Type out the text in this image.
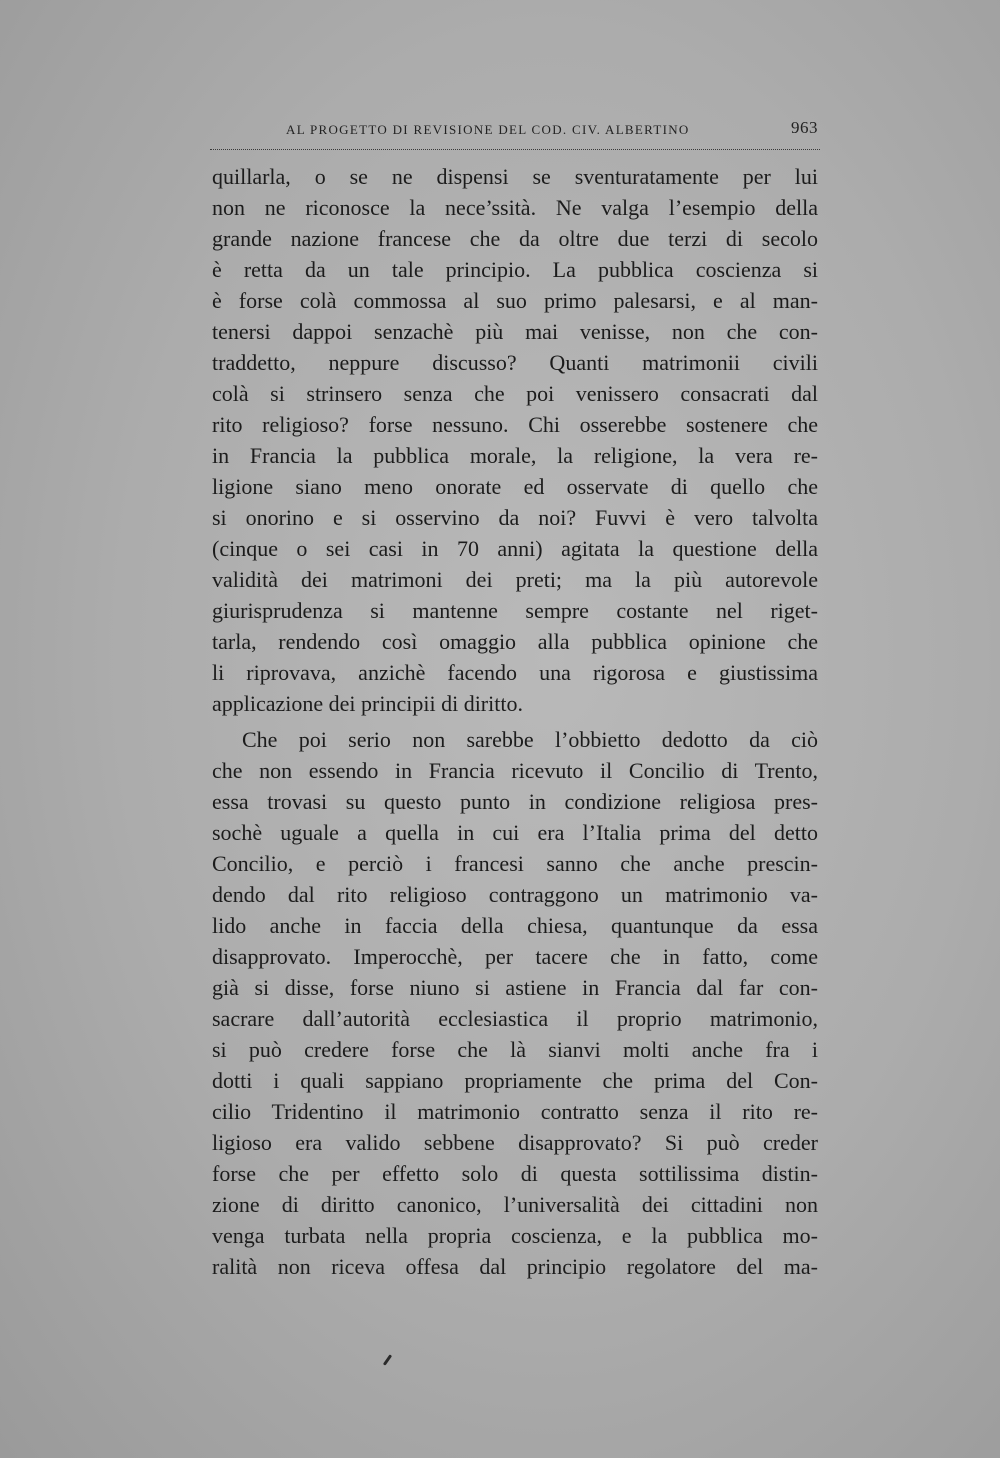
AL PROGETTO DI REVISIONE DEL COD. CIV. ALBERTINO	963
quillarla, o se ne dispensi se sventuratamente per lui
non ne riconosce la nece’ssità. Ne valga l’esempio della
grande nazione francese che da oltre due terzi di secolo
è retta da un tale principio. La pubblica coscienza si
è forse colà commossa al suo primo palesarsi, e al man-
tenersi dappoi senzachè più mai venisse, non che con-
traddetto, neppure discusso? Quanti matrimonii civili
colà si strinsero senza che poi venissero consacrati dal
rito religioso? forse nessuno. Chi osserebbe sostenere che
in Francia la pubblica morale, la religione, la vera re-
ligione siano meno onorate ed osservate di quello che
si onorino e si osservino da noi? Fuvvi è vero talvolta
(cinque o sei casi in 70 anni) agitata la questione della
validità dei matrimoni dei preti; ma la più autorevole
giurisprudenza si mantenne sempre costante nel riget-
tarla, rendendo così omaggio alla pubblica opinione che
li riprovava, anzichè facendo una rigorosa e giustissima
applicazione dei principii di diritto.
Che poi serio non sarebbe l’obbietto dedotto da ciò
che non essendo in Francia ricevuto il Concilio di Trento,
essa trovasi su questo punto in condizione religiosa pres-
sochè uguale a quella in cui era l’Italia prima del detto
Concilio, e perciò i francesi sanno che anche prescin-
dendo dal rito religioso contraggono un matrimonio va-
lido anche in faccia della chiesa, quantunque da essa
disapprovato. Imperocchè, per tacere che in fatto, come
già si disse, forse niuno si astiene in Francia dal far con-
sacrare dall’autorità ecclesiastica il proprio matrimonio,
si può credere forse che là sianvi molti anche fra i
dotti i quali sappiano propriamente che prima del Con-
cilio Tridentino il matrimonio contratto senza il rito re-
ligioso era valido sebbene disapprovato? Si può creder
forse che per effetto solo di questa sottilissima distin-
zione di diritto canonico, l’universalità dei cittadini non
venga turbata nella propria coscienza, e la pubblica mo-
ralità non riceva offesa dal principio regolatore del ma-
